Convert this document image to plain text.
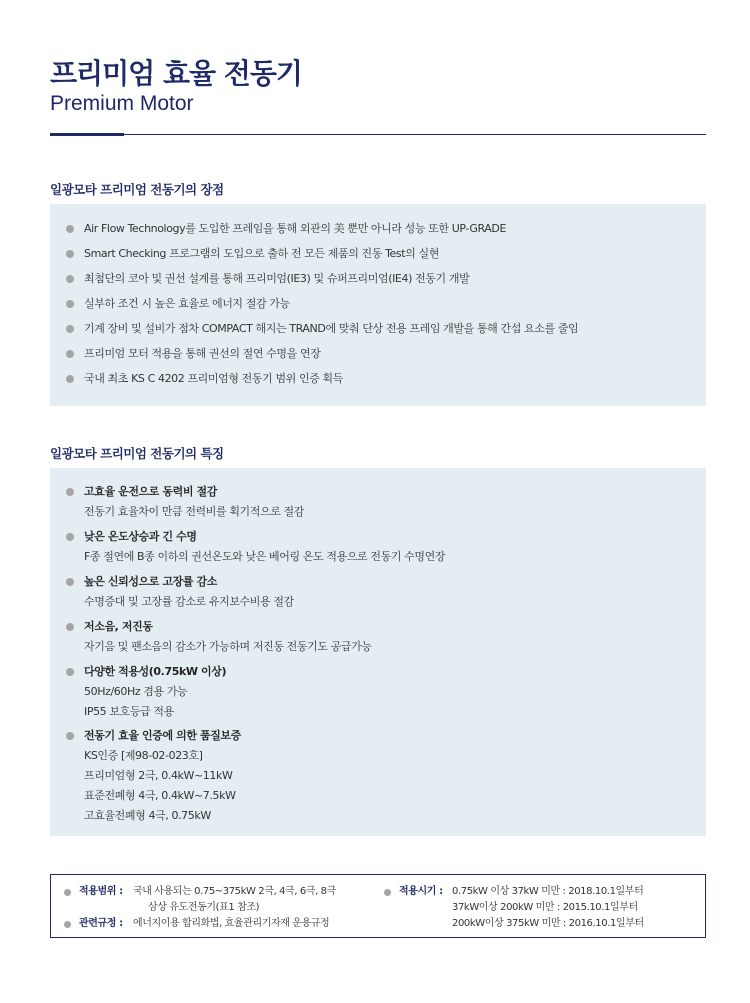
프리미엄 효율 전동기
Premium Motor
일광모타 프리미엄 전동기의 장점
Air Flow Technology를 도입한 프레임을 통해 외관의 美 뿐만 아니라 성능 또한 UP-GRADE
Smart Checking 프로그램의 도입으로 출하 전 모든 제품의 진동 Test의 실현
최첨단의 코아 및 권선 설계를 통해 프리미엄(IE3) 및 슈퍼프리미엄(IE4) 전동기 개발
실부하 조건 시 높은 효율로 에너지 절감 가능
기계 장비 및 설비가 점차 COMPACT 해지는 TRAND에 맞춰 단상 전용 프레임 개발을 통해 간섭 요소를 줄임
프리미엄 모터 적용을 통해 권선의 절연 수명을 연장
국내 최초 KS C 4202 프리미엄형 전동기 범위 인증 획득
일광모타 프리미엄 전동기의 특징
고효율 운전으로 동력비 절감
전동기 효율차이 만큼 전력비를 획기적으로 절감
낮은 온도상승과 긴 수명
F종 절연에 B종 이하의 권선온도와 낮은 베어링 온도 적용으로 전동기 수명연장
높은 신뢰성으로 고장률 감소
수명증대 및 고장률 감소로 유지보수비용 절감
저소음, 저진동
자기음 및 팬소음의 감소가 가능하며 저진동 전동기도 공급가능
다양한 적용성(0.75kW 이상)
50Hz/60Hz 겸용 가능
IP55 보호등급 적용
전동기 효율 인증에 의한 품질보증
KS인증 [제98-02-023호]
프리미엄형 2극, 0.4kW~11kW
표준전폐형 4극, 0.4kW~7.5kW
고효율전폐형 4극, 0.75kW
적용범위 : 국내 사용되는 0.75~375kW 2극, 4극, 6극, 8극
삼상 유도전동기(표1 참조)
관련규정 : 에너지이용 합리화법, 효율관리기자재 운용규정
적용시기 : 0.75kW 이상 37kW 미만 : 2018.10.1일부터
37kW이상 200kW 미만 : 2015.10.1일부터
200kW이상 375kW 미만 : 2016.10.1일부터
